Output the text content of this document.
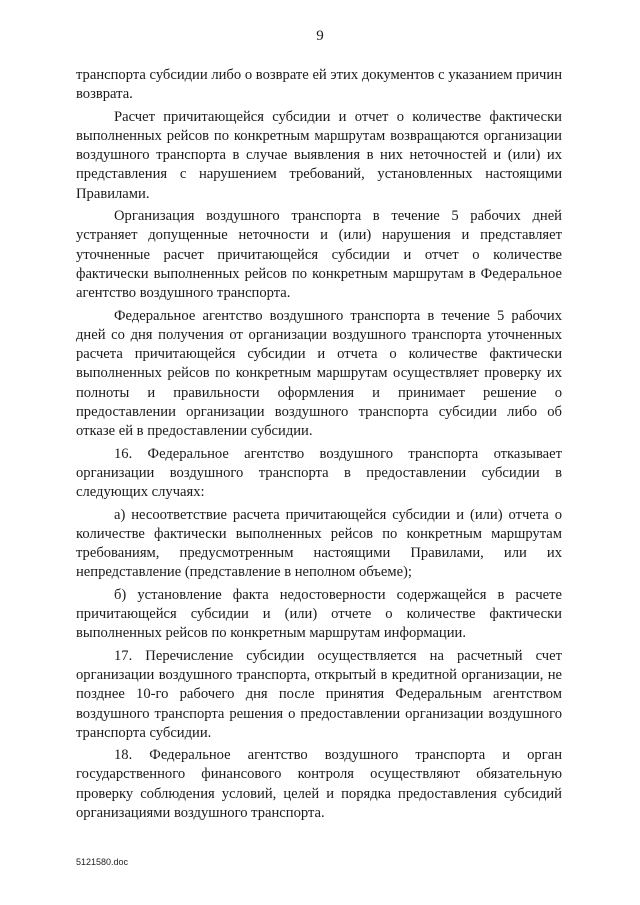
9

транспорта субсидии либо о возврате ей этих документов с указанием причин возврата.

Расчет причитающейся субсидии и отчет о количестве фактически выполненных рейсов по конкретным маршрутам возвращаются организации воздушного транспорта в случае выявления в них неточностей и (или) их представления с нарушением требований, установленных настоящими Правилами.

Организация воздушного транспорта в течение 5 рабочих дней устраняет допущенные неточности и (или) нарушения и представляет уточненные расчет причитающейся субсидии и отчет о количестве фактически выполненных рейсов по конкретным маршрутам в Федеральное агентство воздушного транспорта.

Федеральное агентство воздушного транспорта в течение 5 рабочих дней со дня получения от организации воздушного транспорта уточненных расчета причитающейся субсидии и отчета о количестве фактически выполненных рейсов по конкретным маршрутам осуществляет проверку их полноты и правильности оформления и принимает решение о предоставлении организации воздушного транспорта субсидии либо об отказе ей в предоставлении субсидии.

16. Федеральное агентство воздушного транспорта отказывает организации воздушного транспорта в предоставлении субсидии в следующих случаях:

а) несоответствие расчета причитающейся субсидии и (или) отчета о количестве фактически выполненных рейсов по конкретным маршрутам требованиям, предусмотренным настоящими Правилами, или их непредставление (представление в неполном объеме);

б) установление факта недостоверности содержащейся в расчете причитающейся субсидии и (или) отчете о количестве фактически выполненных рейсов по конкретным маршрутам информации.

17. Перечисление субсидии осуществляется на расчетный счет организации воздушного транспорта, открытый в кредитной организации, не позднее 10-го рабочего дня после принятия Федеральным агентством воздушного транспорта решения о предоставлении организации воздушного транспорта субсидии.

18. Федеральное агентство воздушного транспорта и орган государственного финансового контроля осуществляют обязательную проверку соблюдения условий, целей и порядка предоставления субсидий организациями воздушного транспорта.

5121580.doc
